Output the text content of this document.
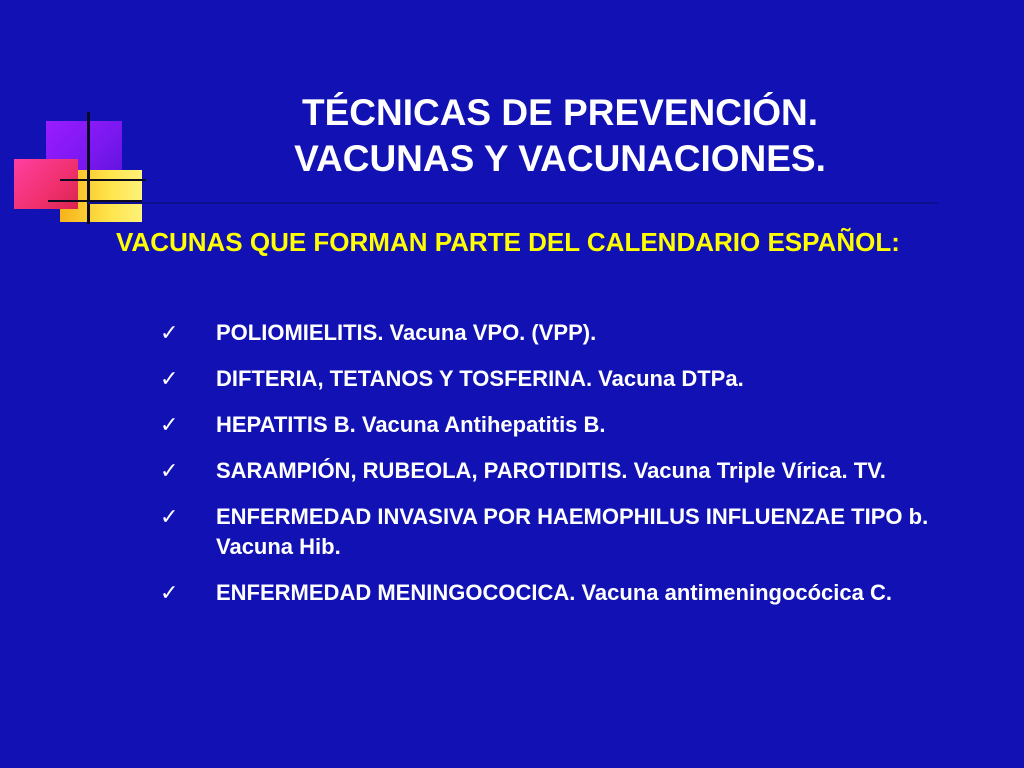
TÉCNICAS DE PREVENCIÓN.
VACUNAS Y VACUNACIONES.
VACUNAS QUE FORMAN PARTE DEL CALENDARIO ESPAÑOL:
✓ POLIOMIELITIS. Vacuna VPO. (VPP).
✓ DIFTERIA, TETANOS Y TOSFERINA. Vacuna DTPa.
✓ HEPATITIS B. Vacuna Antihepatitis B.
✓ SARAMPIÓN, RUBEOLA, PAROTIDITIS. Vacuna Triple Vírica. TV.
✓ ENFERMEDAD INVASIVA POR HAEMOPHILUS INFLUENZAE TIPO b. Vacuna Hib.
✓ ENFERMEDAD MENINGOCOCICA. Vacuna antimeningocócica C.
